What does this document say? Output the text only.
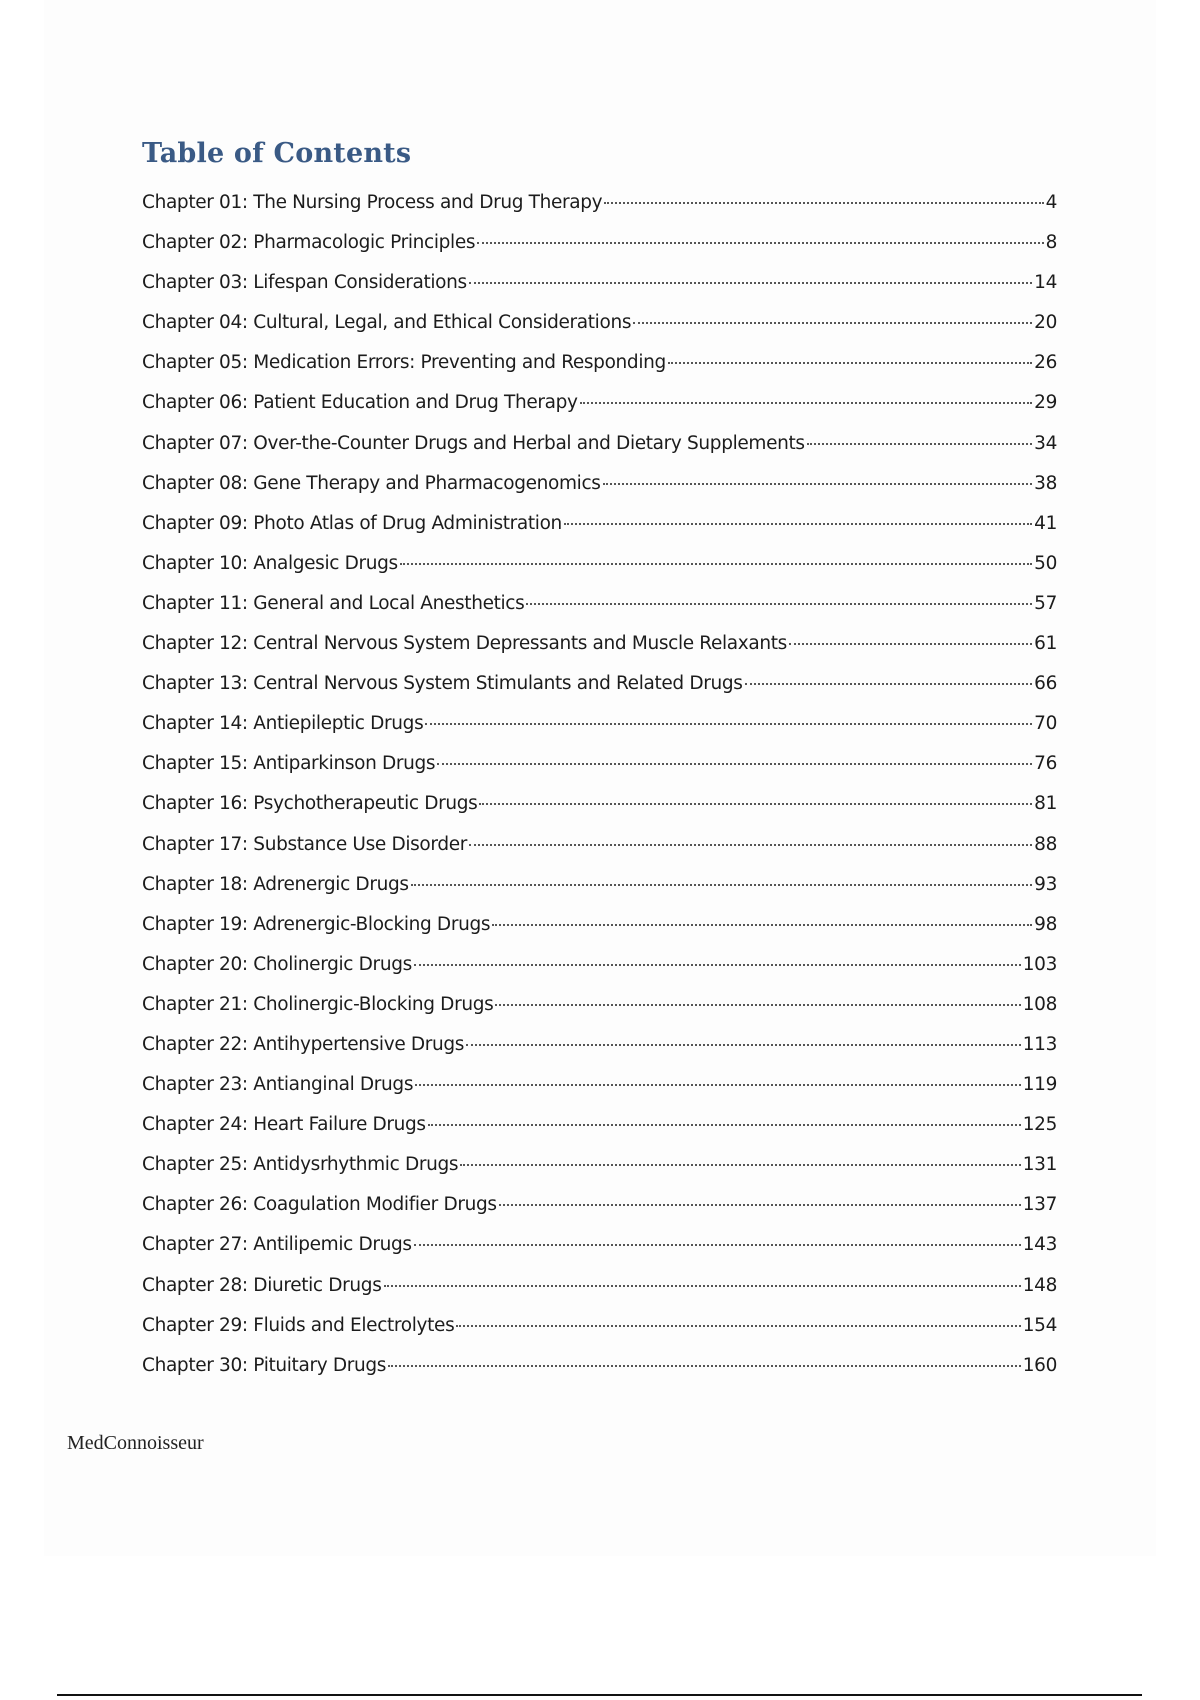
Table of Contents
Chapter 01: The Nursing Process and Drug Therapy	4
Chapter 02: Pharmacologic Principles	8
Chapter 03: Lifespan Considerations	14
Chapter 04: Cultural, Legal, and Ethical Considerations	20
Chapter 05: Medication Errors: Preventing and Responding	26
Chapter 06: Patient Education and Drug Therapy	29
Chapter 07: Over-the-Counter Drugs and Herbal and Dietary Supplements	34
Chapter 08: Gene Therapy and Pharmacogenomics	38
Chapter 09: Photo Atlas of Drug Administration	41
Chapter 10: Analgesic Drugs	50
Chapter 11: General and Local Anesthetics	57
Chapter 12: Central Nervous System Depressants and Muscle Relaxants	61
Chapter 13: Central Nervous System Stimulants and Related Drugs	66
Chapter 14: Antiepileptic Drugs	70
Chapter 15: Antiparkinson Drugs	76
Chapter 16: Psychotherapeutic Drugs	81
Chapter 17: Substance Use Disorder	88
Chapter 18: Adrenergic Drugs	93
Chapter 19: Adrenergic-Blocking Drugs	98
Chapter 20: Cholinergic Drugs	103
Chapter 21: Cholinergic-Blocking Drugs	108
Chapter 22: Antihypertensive Drugs	113
Chapter 23: Antianginal Drugs	119
Chapter 24: Heart Failure Drugs	125
Chapter 25: Antidysrhythmic Drugs	131
Chapter 26: Coagulation Modifier Drugs	137
Chapter 27: Antilipemic Drugs	143
Chapter 28: Diuretic Drugs	148
Chapter 29: Fluids and Electrolytes	154
Chapter 30: Pituitary Drugs	160
MedConnoisseur
